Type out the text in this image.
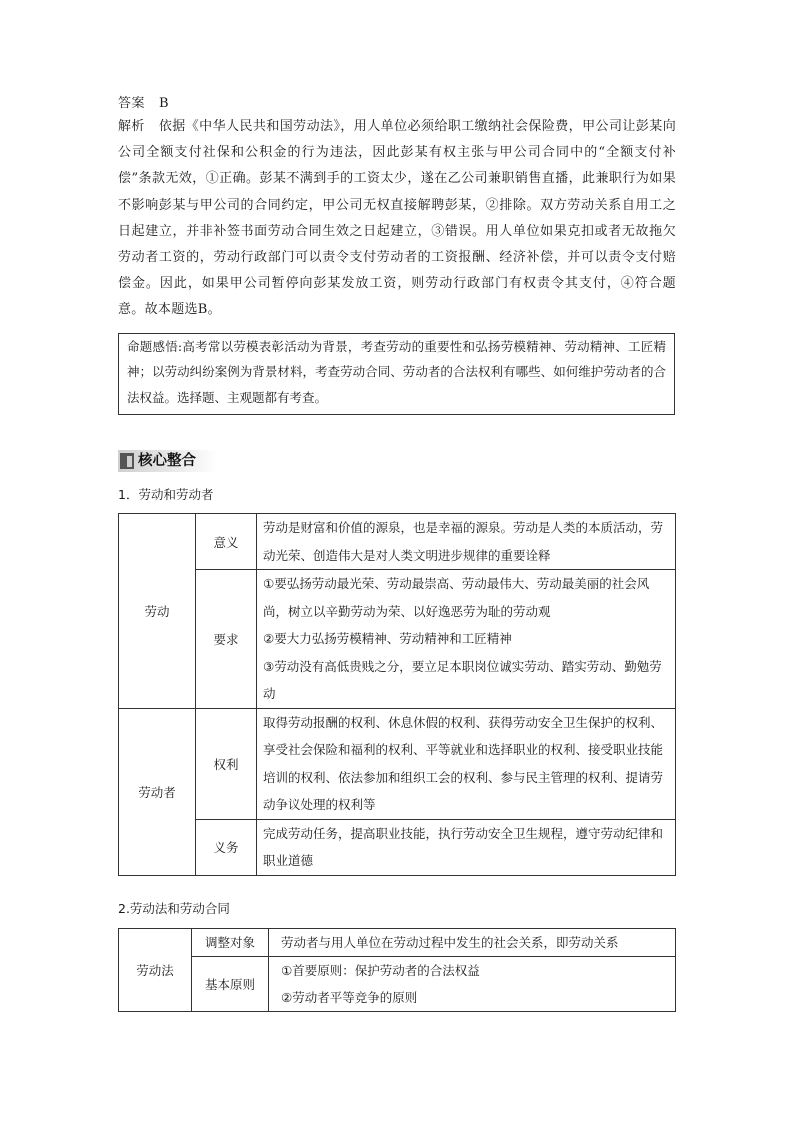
答案 B
解析 依据《中华人民共和国劳动法》，用人单位必须给职工缴纳社会保险费，甲公司让彭某向公司全额支付社保和公积金的行为违法，因此彭某有权主张与甲公司合同中的“全额支付补偿”条款无效，①正确。彭某不满到手的工资太少，遂在乙公司兼职销售直播，此兼职行为如果不影响彭某与甲公司的合同约定，甲公司无权直接解聘彭某，②排除。双方劳动关系自用工之日起建立，并非补签书面劳动合同生效之日起建立，③错误。用人单位如果克扣或者无故拖欠劳动者工资的，劳动行政部门可以责令支付劳动者的工资报酬、经济补偿，并可以责令支付赔偿金。因此，如果甲公司暂停向彭某发放工资，则劳动行政部门有权责令其支付，④符合题意。故本题选B。
命题感悟:高考常以劳模表彰活动为背景，考查劳动的重要性和弘扬劳模精神、劳动精神、工匠精神；以劳动纠纷案例为背景材料，考查劳动合同、劳动者的合法权利有哪些、如何维护劳动者的合法权益。选择题、主观题都有考查。
核心整合
1．劳动和劳动者
劳动	意义	劳动是财富和价值的源泉，也是幸福的源泉。劳动是人类的本质活动，劳动光荣、创造伟大是对人类文明进步规律的重要诠释
	要求	①要弘扬劳动最光荣、劳动最崇高、劳动最伟大、劳动最美丽的社会风尚，树立以辛勤劳动为荣、以好逸恶劳为耻的劳动观
②要大力弘扬劳模精神、劳动精神和工匠精神
③劳动没有高低贵贱之分，要立足本职岗位诚实劳动、踏实劳动、勤勉劳动

劳动者	权利	取得劳动报酬的权利、休息休假的权利、获得劳动安全卫生保护的权利、享受社会保险和福利的权利、平等就业和选择职业的权利、接受职业技能培训的权利、依法参加和组织工会的权利、参与民主管理的权利、提请劳动争议处理的权利等
	义务	完成劳动任务，提高职业技能，执行劳动安全卫生规程，遵守劳动纪律和职业道德
2.劳动法和劳动合同
劳动法	调整对象	劳动者与用人单位在劳动过程中发生的社会关系，即劳动关系
	基本原则	①首要原则：保护劳动者的合法权益
②劳动者平等竞争的原则
